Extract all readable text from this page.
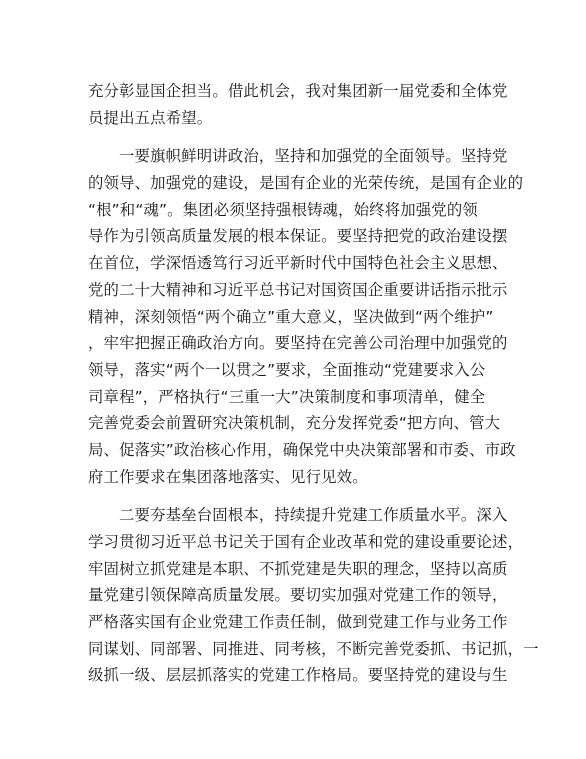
充分彰显国企担当。借此机会，我对集团新一届党委和全体党
员提出五点希望。
一要旗帜鲜明讲政治，坚持和加强党的全面领导。坚持党
的领导、加强党的建设，是国有企业的光荣传统，是国有企业的
“根”和“魂”。集团必须坚持强根铸魂，始终将加强党的领
导作为引领高质量发展的根本保证。要坚持把党的政治建设摆
在首位，学深悟透笃行习近平新时代中国特色社会主义思想、
党的二十大精神和习近平总书记对国资国企重要讲话指示批示
精神，深刻领悟“两个确立”重大意义，坚决做到“两个维护”
，牢牢把握正确政治方向。要坚持在完善公司治理中加强党的
领导，落实“两个一以贯之”要求，全面推动“党建要求入公
司章程”，严格执行“三重一大”决策制度和事项清单，健全
完善党委会前置研究决策机制，充分发挥党委“把方向、管大
局、促落实”政治核心作用，确保党中央决策部署和市委、市政
府工作要求在集团落地落实、见行见效。
二要夯基垒台固根本，持续提升党建工作质量水平。深入
学习贯彻习近平总书记关于国有企业改革和党的建设重要论述，
牢固树立抓党建是本职、不抓党建是失职的理念，坚持以高质
量党建引领保障高质量发展。要切实加强对党建工作的领导，
严格落实国有企业党建工作责任制，做到党建工作与业务工作
同谋划、同部署、同推进、同考核，不断完善党委抓、书记抓，一
级抓一级、层层抓落实的党建工作格局。要坚持党的建设与生
